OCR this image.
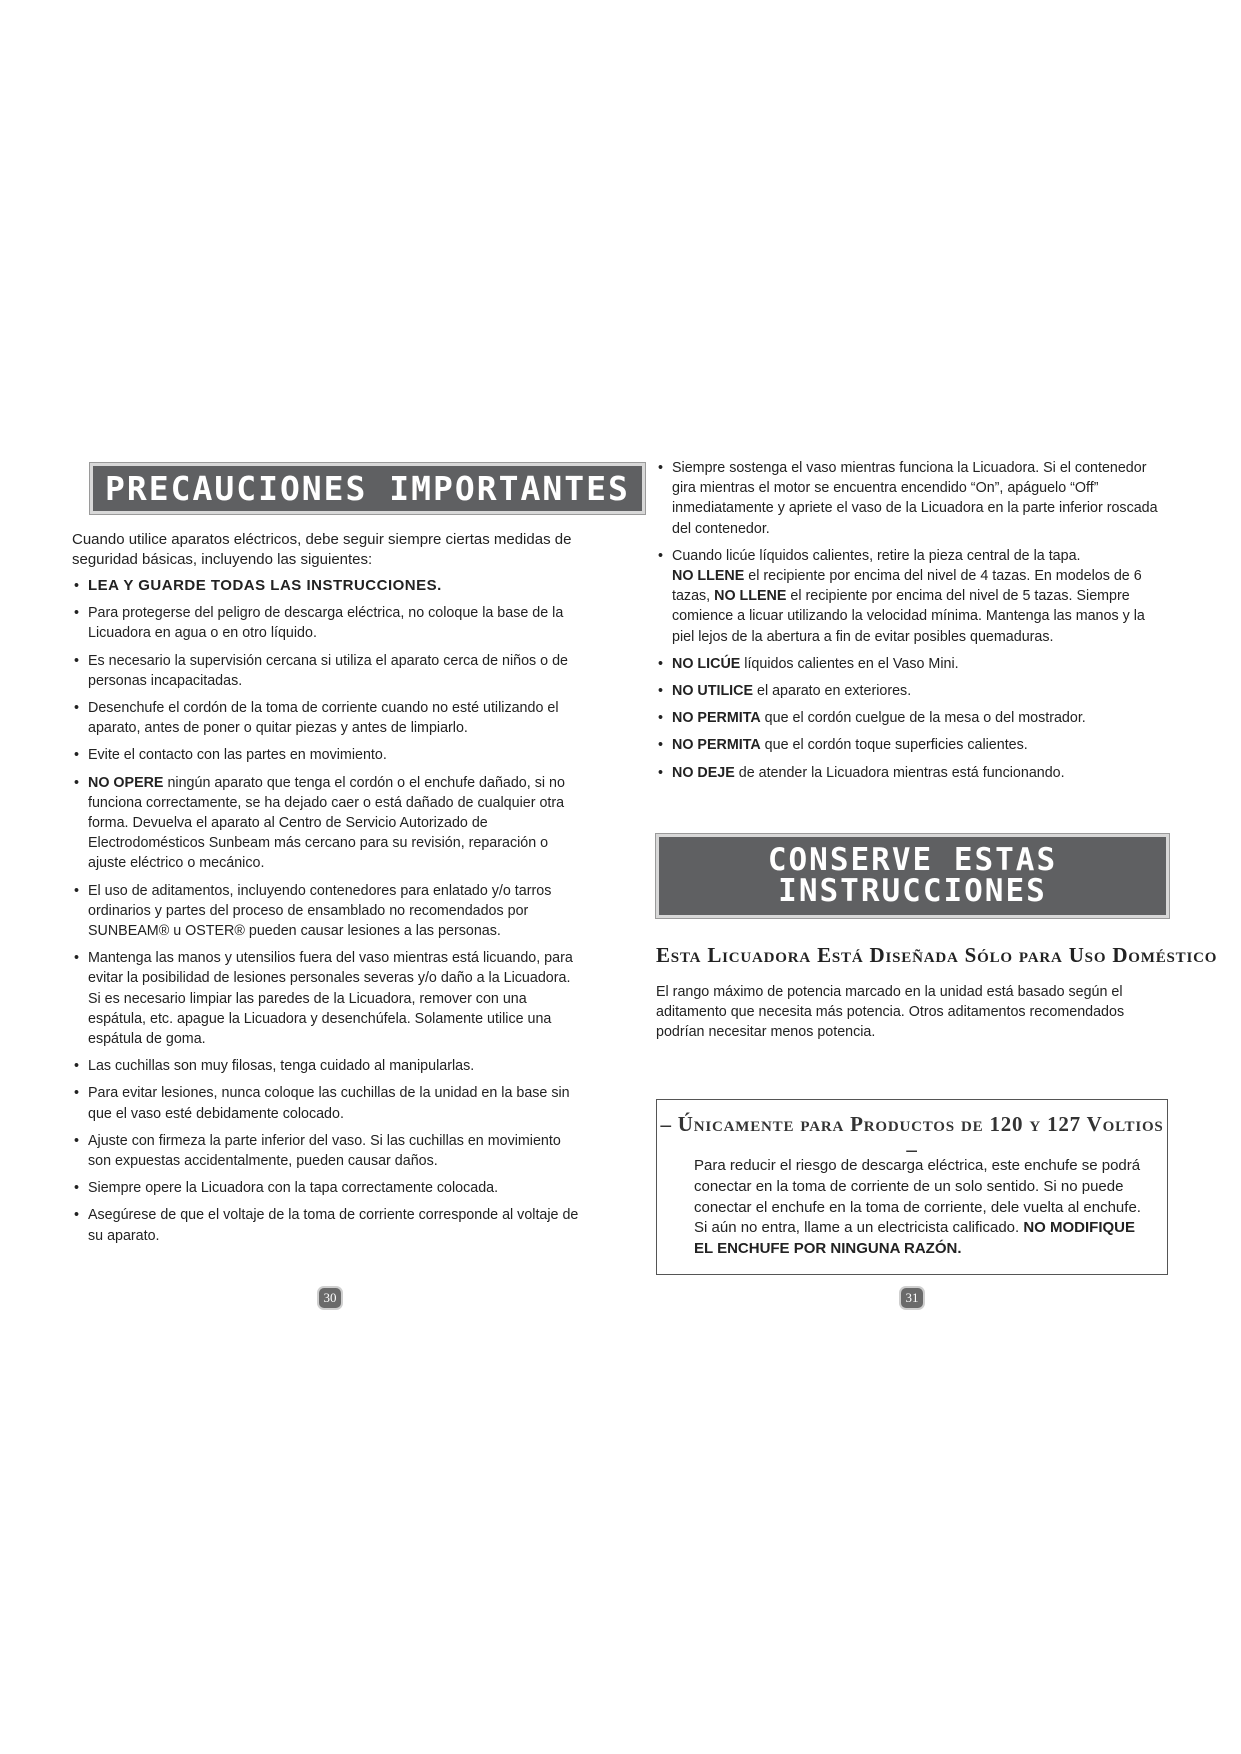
PRECAUCIONES IMPORTANTES

Cuando utilice aparatos eléctricos, debe seguir siempre ciertas medidas de seguridad básicas, incluyendo las siguientes:

• LEA Y GUARDE TODAS LAS INSTRUCCIONES.
• Para protegerse del peligro de descarga eléctrica, no coloque la base de la Licuadora en agua o en otro líquido.
• Es necesario la supervisión cercana si utiliza el aparato cerca de niños o de personas incapacitadas.
• Desenchufe el cordón de la toma de corriente cuando no esté utilizando el aparato, antes de poner o quitar piezas y antes de limpiarlo.
• Evite el contacto con las partes en movimiento.
• NO OPERE ningún aparato que tenga el cordón o el enchufe dañado, si no funciona correctamente, se ha dejado caer o está dañado de cualquier otra forma. Devuelva el aparato al Centro de Servicio Autorizado de Electrodomésticos Sunbeam más cercano para su revisión, reparación o ajuste eléctrico o mecánico.
• El uso de aditamentos, incluyendo contenedores para enlatado y/o tarros ordinarios y partes del proceso de ensamblado no recomendados por SUNBEAM® u OSTER® pueden causar lesiones a las personas.
• Mantenga las manos y utensilios fuera del vaso mientras está licuando, para evitar la posibilidad de lesiones personales severas y/o daño a la Licuadora. Si es necesario limpiar las paredes de la Licuadora, remover con una espátula, etc. apague la Licuadora y desenchúfela. Solamente utilice una espátula de goma.
• Las cuchillas son muy filosas, tenga cuidado al manipularlas.
• Para evitar lesiones, nunca coloque las cuchillas de la unidad en la base sin que el vaso esté debidamente colocado.
• Ajuste con firmeza la parte inferior del vaso. Si las cuchillas en movimiento son expuestas accidentalmente, pueden causar daños.
• Siempre opere la Licuadora con la tapa correctamente colocada.
• Asegúrese de que el voltaje de la toma de corriente corresponde al voltaje de su aparato.
30
• Siempre sostenga el vaso mientras funciona la Licuadora. Si el contenedor gira mientras el motor se encuentra encendido “On”, apáguelo “Off” inmediatamente y apriete el vaso de la Licuadora en la parte inferior roscada del contenedor.
• Cuando licúe líquidos calientes, retire la pieza central de la tapa.
NO LLENE el recipiente por encima del nivel de 4 tazas. En modelos de 6 tazas, NO LLENE el recipiente por encima del nivel de 5 tazas. Siempre comience a licuar utilizando la velocidad mínima. Mantenga las manos y la piel lejos de la abertura a fin de evitar posibles quemaduras.
• NO LICÚE líquidos calientes en el Vaso Mini.
• NO UTILICE el aparato en exteriores.
• NO PERMITA que el cordón cuelgue de la mesa o del mostrador.
• NO PERMITA que el cordón toque superficies calientes.
• NO DEJE de atender la Licuadora mientras está funcionando.
CONSERVE ESTAS INSTRUCCIONES
Esta Licuadora Está Diseñada Sólo para Uso Doméstico
El rango máximo de potencia marcado en la unidad está basado según el aditamento que necesita más potencia. Otros aditamentos recomendados podrían necesitar menos potencia.
– Únicamente para Productos de 120 y 127 Voltios –
Para reducir el riesgo de descarga eléctrica, este enchufe se podrá conectar en la toma de corriente de un solo sentido. Si no puede conectar el enchufe en la toma de corriente, dele vuelta al enchufe. Si aún no entra, llame a un electricista calificado. NO MODIFIQUE EL ENCHUFE POR NINGUNA RAZÓN.
31
